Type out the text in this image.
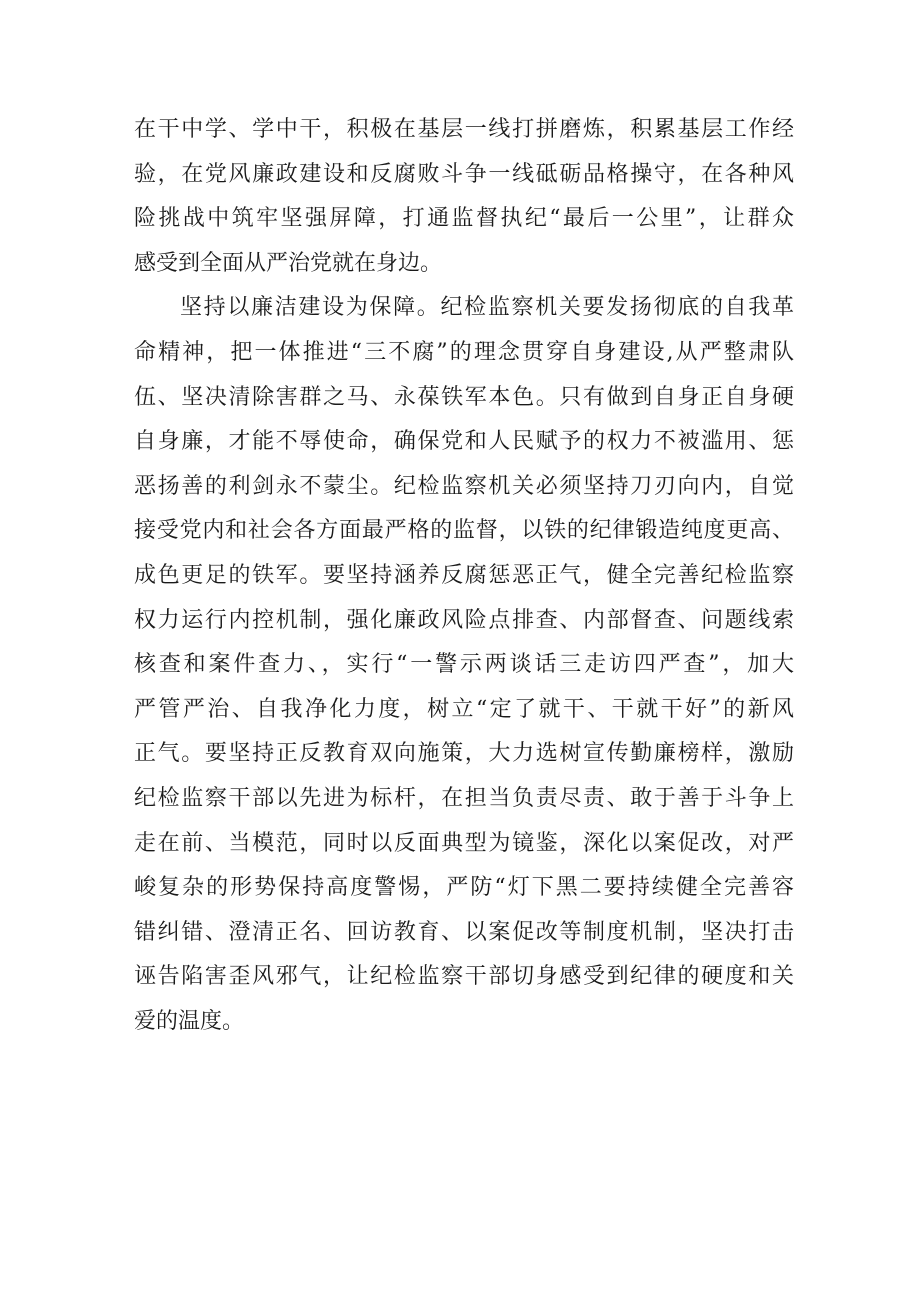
在干中学、学中干，积极在基层一线打拼磨炼，积累基层工作经
验，在党风廉政建设和反腐败斗争一线砥砺品格操守，在各种风
险挑战中筑牢坚强屏障，打通监督执纪“最后一公里”，让群众
感受到全面从严治党就在身边。
坚持以廉洁建设为保障。纪检监察机关要发扬彻底的自我革
命精神，把一体推进“三不腐”的理念贯穿自身建设,从严整肃队
伍、坚决清除害群之马、永葆铁军本色。只有做到自身正自身硬
自身廉，才能不辱使命，确保党和人民赋予的权力不被滥用、惩
恶扬善的利剑永不蒙尘。纪检监察机关必须坚持刀刃向内，自觉
接受党内和社会各方面最严格的监督，以铁的纪律锻造纯度更高、
成色更足的铁军。要坚持涵养反腐惩恶正气，健全完善纪检监察
权力运行内控机制，强化廉政风险点排查、内部督查、问题线索
核查和案件查力、，实行“一警示两谈话三走访四严查”，加大
严管严治、自我净化力度，树立“定了就干、干就干好”的新风
正气。要坚持正反教育双向施策，大力选树宣传勤廉榜样，激励
纪检监察干部以先进为标杆，在担当负责尽责、敢于善于斗争上
走在前、当模范，同时以反面典型为镜鉴，深化以案促改，对严
峻复杂的形势保持高度警惕，严防“灯下黑二要持续健全完善容
错纠错、澄清正名、回访教育、以案促改等制度机制，坚决打击
诬告陷害歪风邪气，让纪检监察干部切身感受到纪律的硬度和关
爱的温度。
